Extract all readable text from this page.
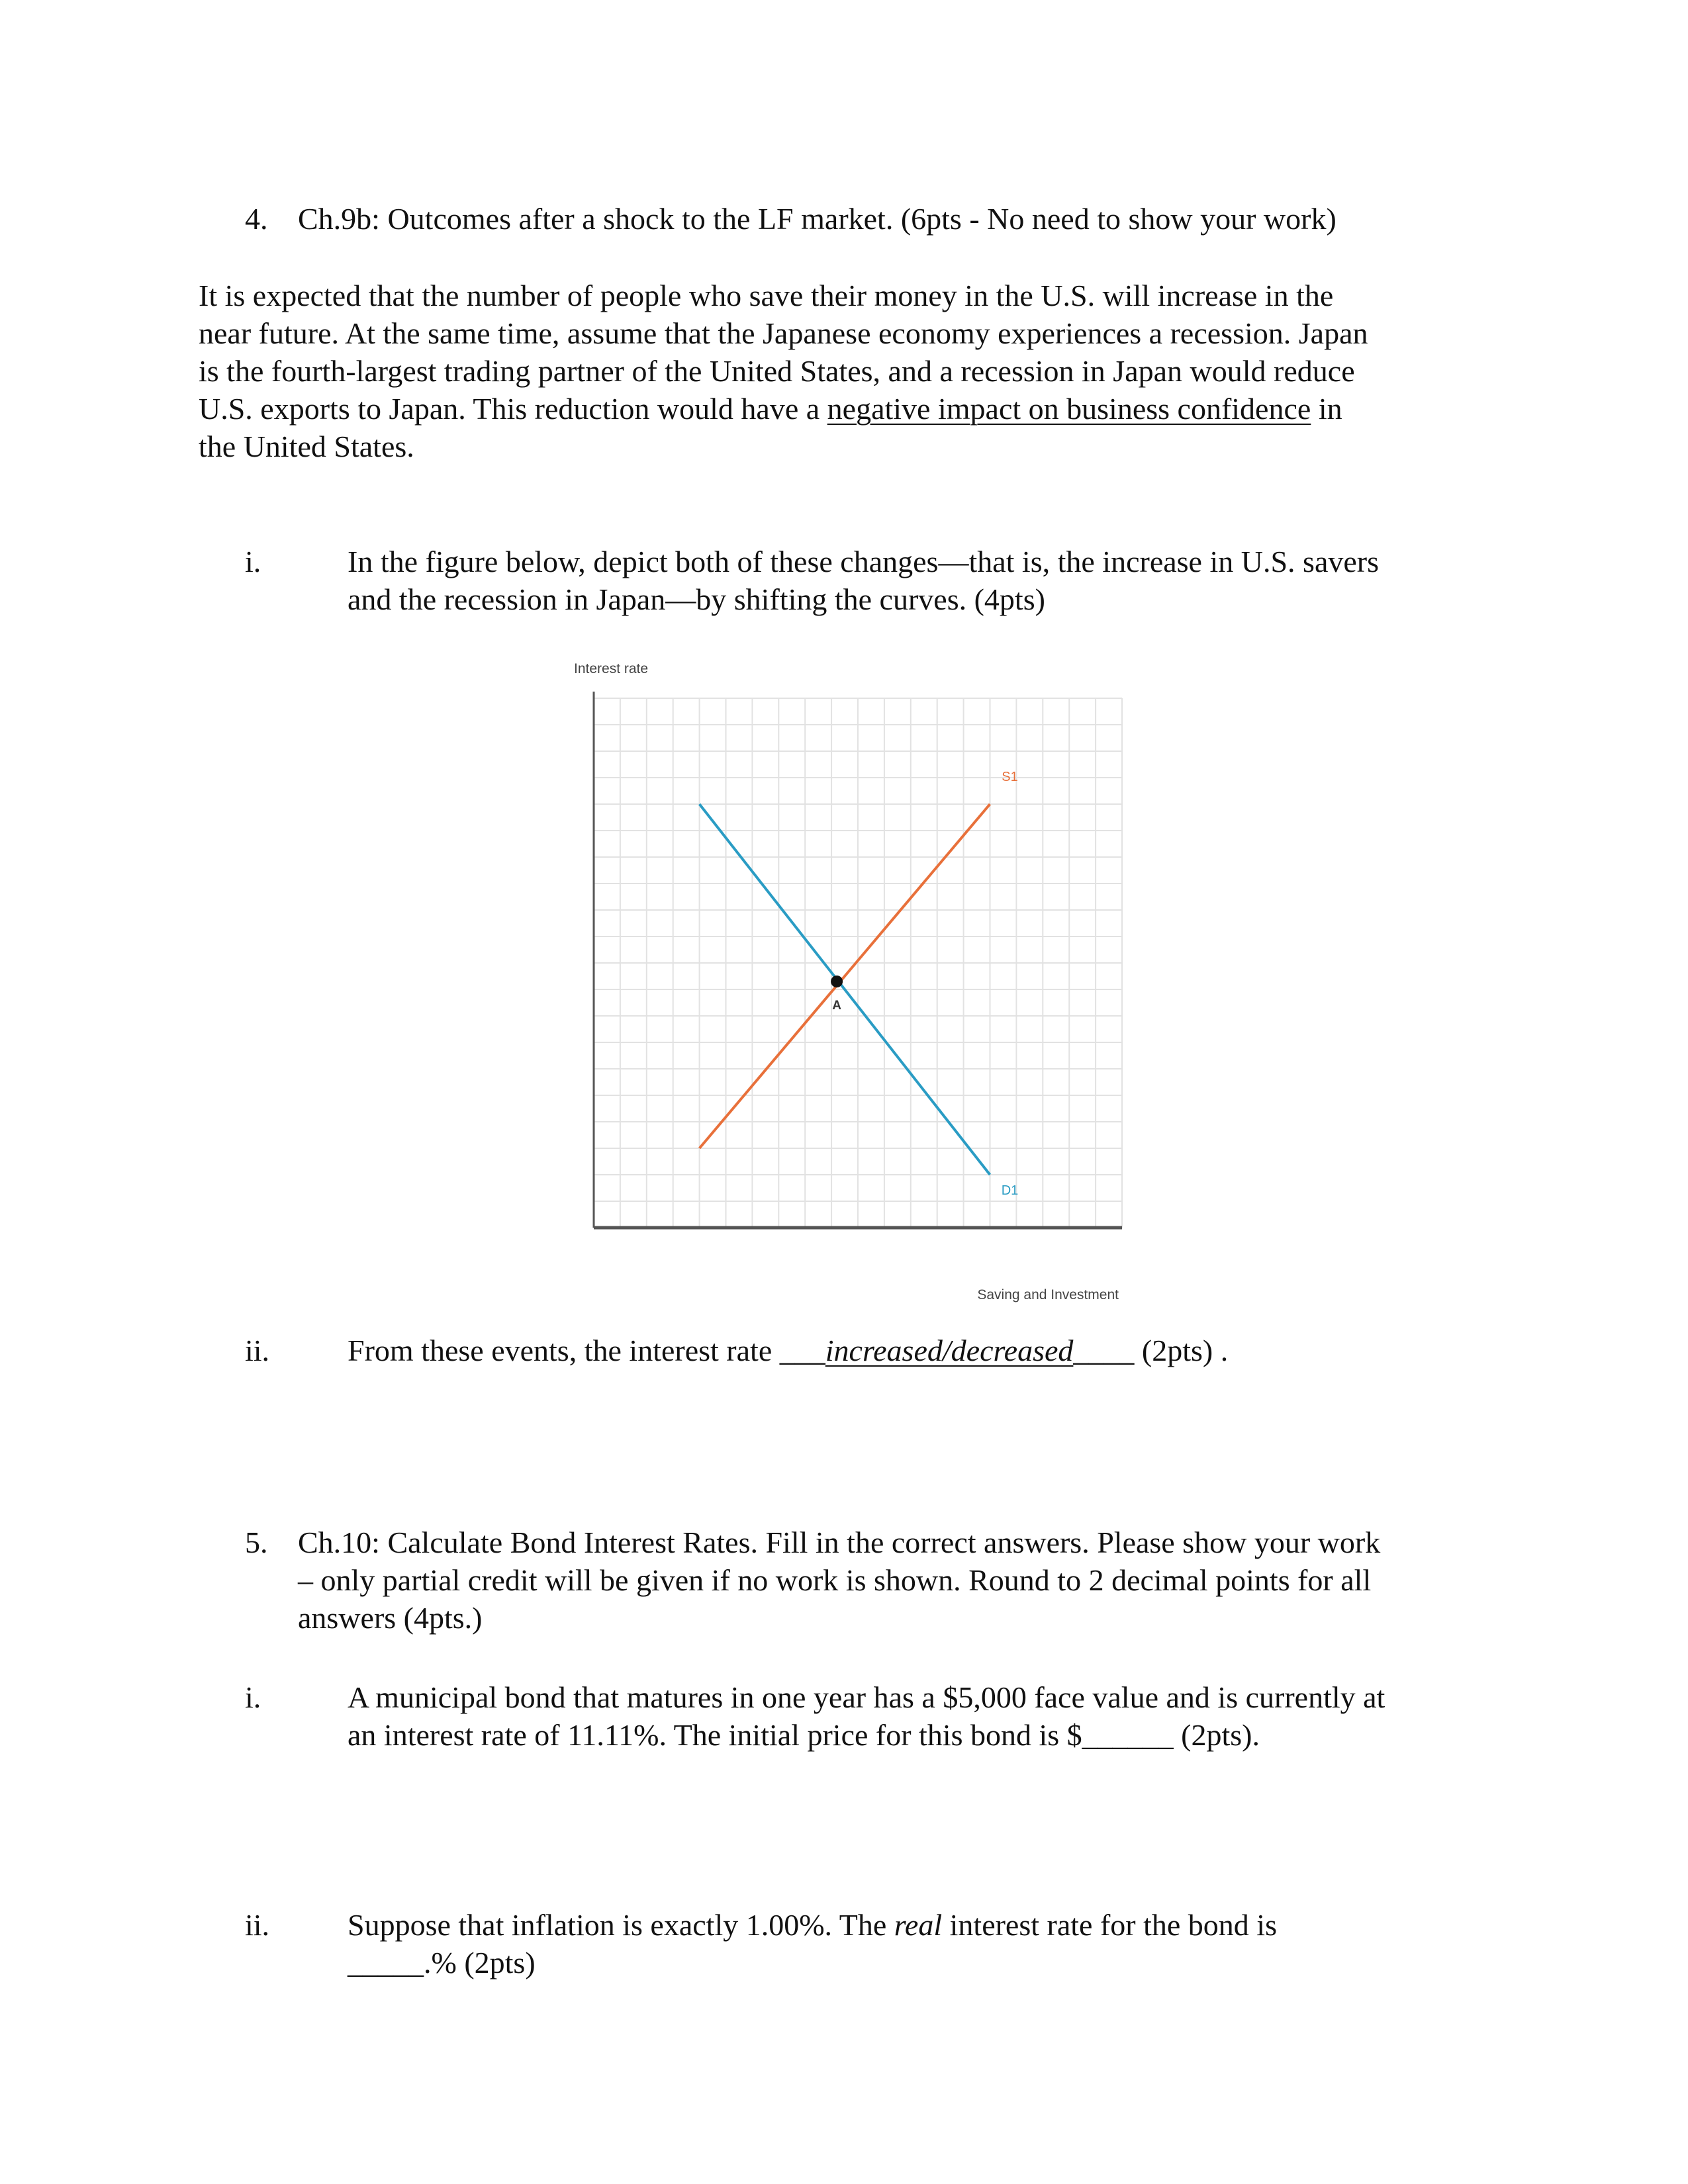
4. Ch.9b: Outcomes after a shock to the LF market. (6pts - No need to show your work)

It is expected that the number of people who save their money in the U.S. will increase in the

near future. At the same time, assume that the Japanese economy experiences a recession. Japan

is the fourth-largest trading partner of the United States, and a recession in Japan would reduce

U.S. exports to Japan. This reduction would have a negative impact on business confidence in

the United States.

i.	In the figure below, depict both of these changes—that is, the increase in U.S. savers

and the recession in Japan—by shifting the curves. (4pts)

Interest rate
Saving and Investment
S1
D1
A
ii.	From these events, the interest rate ___increased/decreased____ (2pts) .

5. Ch.10: Calculate Bond Interest Rates. Fill in the correct answers. Please show your work

– only partial credit will be given if no work is shown. Round to 2 decimal points for all

answers (4pts.)

i.	A municipal bond that matures in one year has a $5,000 face value and is currently at

an interest rate of 11.11%. The initial price for this bond is $______ (2pts).

ii.	Suppose that inflation is exactly 1.00%. The real interest rate for the bond is

_____.% (2pts)
